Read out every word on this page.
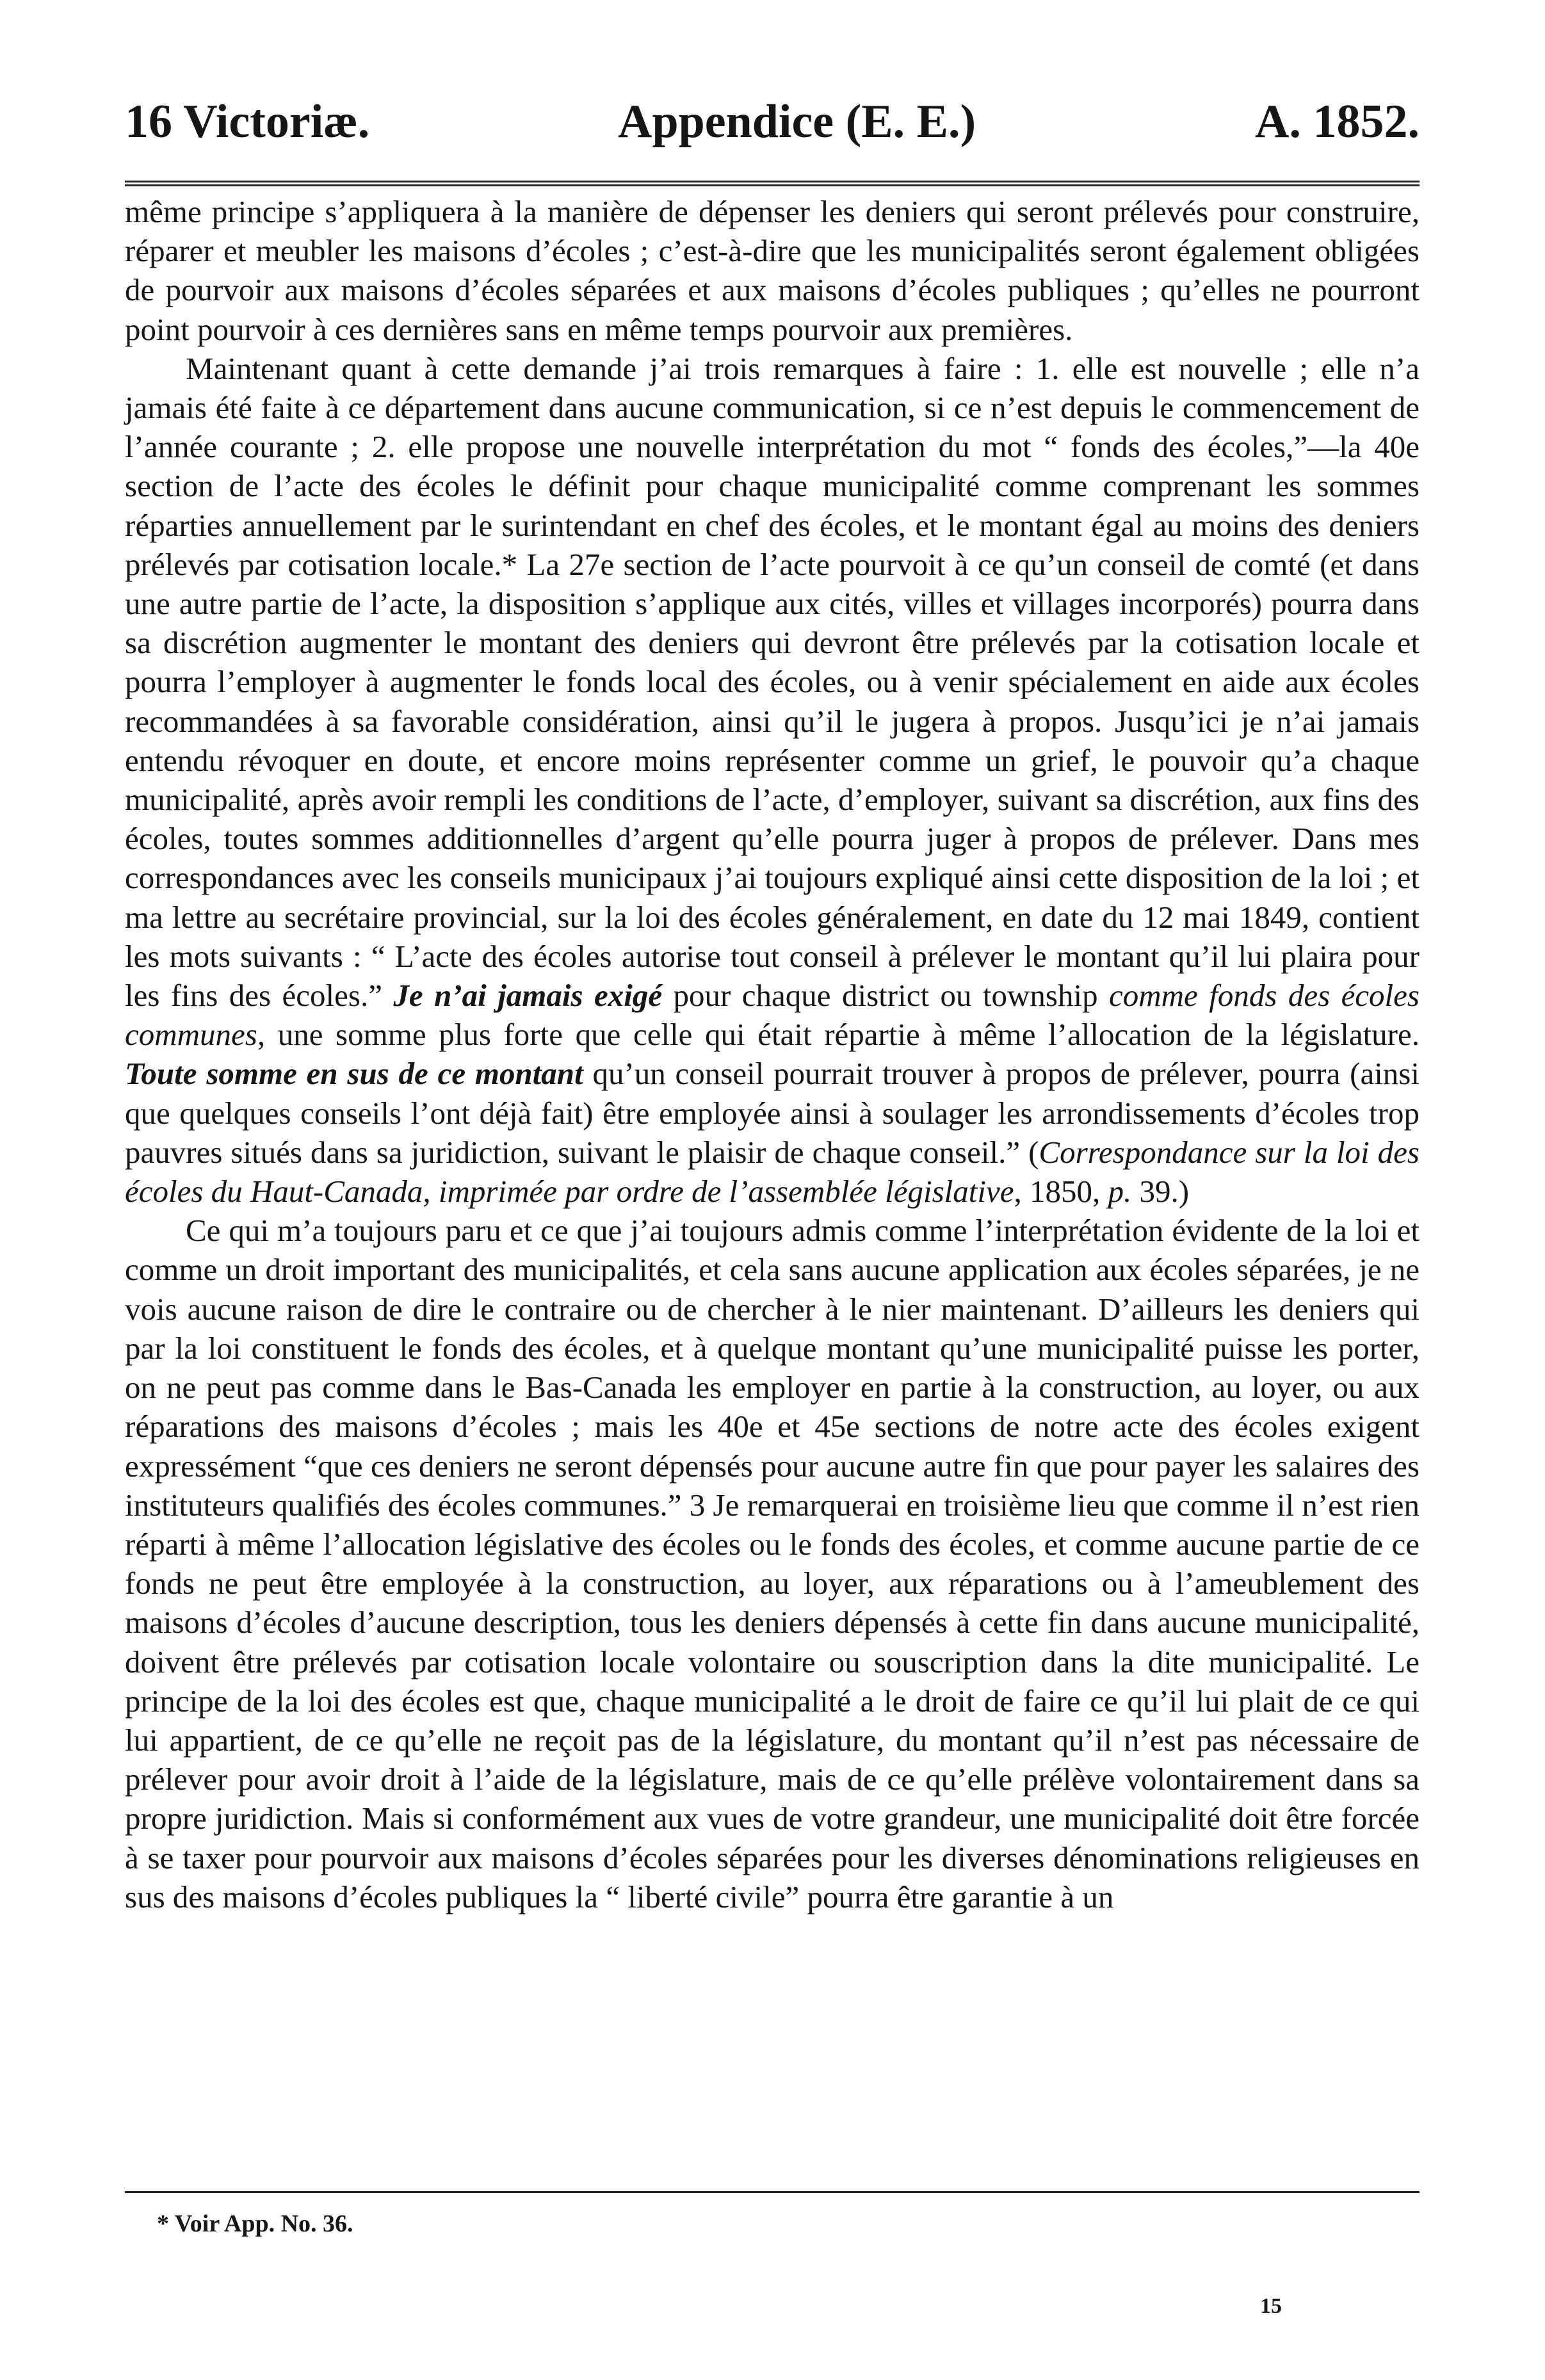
16 Victoriæ.	Appendice (E. E.)	A. 1852.

même principe s’appliquera à la manière de dépenser les deniers qui seront prélevés pour construire, réparer et meubler les maisons d’écoles ; c’est-à-dire que les municipalités seront également obligées de pourvoir aux maisons d’écoles séparées et aux maisons d’écoles publiques ; qu’elles ne pourront point pourvoir à ces dernières sans en même temps pourvoir aux premières.

Maintenant quant à cette demande j’ai trois remarques à faire : 1. elle est nouvelle ; elle n’a jamais été faite à ce département dans aucune communication, si ce n’est depuis le commencement de l’année courante ; 2. elle propose une nouvelle interprétation du mot “ fonds des écoles,”—la 40e section de l’acte des écoles le définit pour chaque municipalité comme comprenant les sommes réparties annuellement par le surintendant en chef des écoles, et le montant égal au moins des deniers prélevés par cotisation locale.* La 27e section de l’acte pourvoit à ce qu’un conseil de comté (et dans une autre partie de l’acte, la disposition s’applique aux cités, villes et villages incorporés) pourra dans sa discrétion augmenter le montant des deniers qui devront être prélevés par la cotisation locale et pourra l’employer à augmenter le fonds local des écoles, ou à venir spécialement en aide aux écoles recommandées à sa favorable considération, ainsi qu’il le jugera à propos. Jusqu’ici je n’ai jamais entendu révoquer en doute, et encore moins représenter comme un grief, le pouvoir qu’a chaque municipalité, après avoir rempli les conditions de l’acte, d’employer, suivant sa discrétion, aux fins des écoles, toutes sommes additionnelles d’argent qu’elle pourra juger à propos de prélever. Dans mes correspondances avec les conseils municipaux j’ai toujours expliqué ainsi cette disposition de la loi ; et ma lettre au secrétaire provincial, sur la loi des écoles généralement, en date du 12 mai 1849, contient les mots suivants : “ L’acte des écoles autorise tout conseil à prélever le montant qu’il lui plaira pour les fins des écoles.” Je n’ai jamais exigé pour chaque district ou township comme fonds des écoles communes, une somme plus forte que celle qui était répartie à même l’allocation de la législature. Toute somme en sus de ce montant qu’un conseil pourrait trouver à propos de prélever, pourra (ainsi que quelques conseils l’ont déjà fait) être employée ainsi à soulager les arrondissements d’écoles trop pauvres situés dans sa juridiction, suivant le plaisir de chaque conseil.” (Correspondance sur la loi des écoles du Haut-Canada, imprimée par ordre de l’assemblée législative, 1850, p. 39.)

Ce qui m’a toujours paru et ce que j’ai toujours admis comme l’interprétation évidente de la loi et comme un droit important des municipalités, et cela sans aucune application aux écoles séparées, je ne vois aucune raison de dire le contraire ou de chercher à le nier maintenant. D’ailleurs les deniers qui par la loi constituent le fonds des écoles, et à quelque montant qu’une municipalité puisse les porter, on ne peut pas comme dans le Bas-Canada les employer en partie à la construction, au loyer, ou aux réparations des maisons d’écoles ; mais les 40e et 45e sections de notre acte des écoles exigent expressément “que ces deniers ne seront dépensés pour aucune autre fin que pour payer les salaires des instituteurs qualifiés des écoles communes.” 3 Je remarquerai en troisième lieu que comme il n’est rien réparti à même l’allocation législative des écoles ou le fonds des écoles, et comme aucune partie de ce fonds ne peut être employée à la construction, au loyer, aux réparations ou à l’ameublement des maisons d’écoles d’aucune description, tous les deniers dépensés à cette fin dans aucune municipalité, doivent être prélevés par cotisation locale volontaire ou souscription dans la dite municipalité. Le principe de la loi des écoles est que, chaque municipalité a le droit de faire ce qu’il lui plait de ce qui lui appartient, de ce qu’elle ne reçoit pas de la législature, du montant qu’il n’est pas nécessaire de prélever pour avoir droit à l’aide de la législature, mais de ce qu’elle prélève volontairement dans sa propre juridiction. Mais si conformément aux vues de votre grandeur, une municipalité doit être forcée à se taxer pour pourvoir aux maisons d’écoles séparées pour les diverses dénominations religieuses en sus des maisons d’écoles publiques la “ liberté civile” pourra être garantie à un

* Voir App. No. 36.
15
